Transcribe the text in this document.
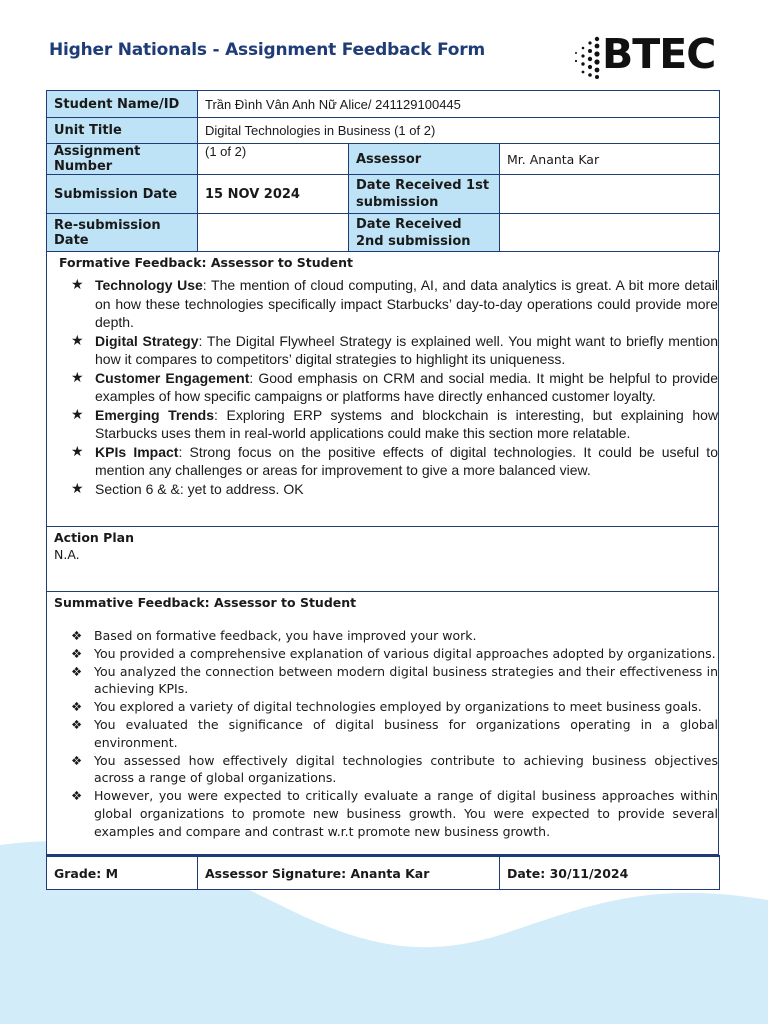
Higher Nationals - Assignment Feedback Form	BTEC
Student Name/ID	Trần Đình Vân Anh Nữ Alice/ 241129100445		
Unit Title	Digital Technologies in Business (1 of 2)		
Assignment Number	(1 of 2)	Assessor	Mr. Ananta Kar
Submission Date	15 NOV 2024	Date Received 1st submission	
Re-submission Date		Date Received 2nd submission	
Formative Feedback: Assessor to Student
★ Technology Use: The mention of cloud computing, AI, and data analytics is great. A bit more detail on how these technologies specifically impact Starbucks’ day-to-day operations could provide more depth.
★ Digital Strategy: The Digital Flywheel Strategy is explained well. You might want to briefly mention how it compares to competitors’ digital strategies to highlight its uniqueness.
★ Customer Engagement: Good emphasis on CRM and social media. It might be helpful to provide examples of how specific campaigns or platforms have directly enhanced customer loyalty.
★ Emerging Trends: Exploring ERP systems and blockchain is interesting, but explaining how Starbucks uses them in real-world applications could make this section more relatable.
★ KPIs Impact: Strong focus on the positive effects of digital technologies. It could be useful to mention any challenges or areas for improvement to give a more balanced view.
★ Section 6 & &: yet to address. OK
Action Plan
N.A.
Summative Feedback: Assessor to Student
❖ Based on formative feedback, you have improved your work.
❖ You provided a comprehensive explanation of various digital approaches adopted by organizations.
❖ You analyzed the connection between modern digital business strategies and their effectiveness in achieving KPIs.
❖ You explored a variety of digital technologies employed by organizations to meet business goals.
❖ You evaluated the significance of digital business for organizations operating in a global environment.
❖ You assessed how effectively digital technologies contribute to achieving business objectives across a range of global organizations.
❖ However, you were expected to critically evaluate a range of digital business approaches within global organizations to promote new business growth. You were expected to provide several examples and compare and contrast w.r.t promote new business growth.
Grade: M	Assessor Signature: Ananta Kar	Date: 30/11/2024
